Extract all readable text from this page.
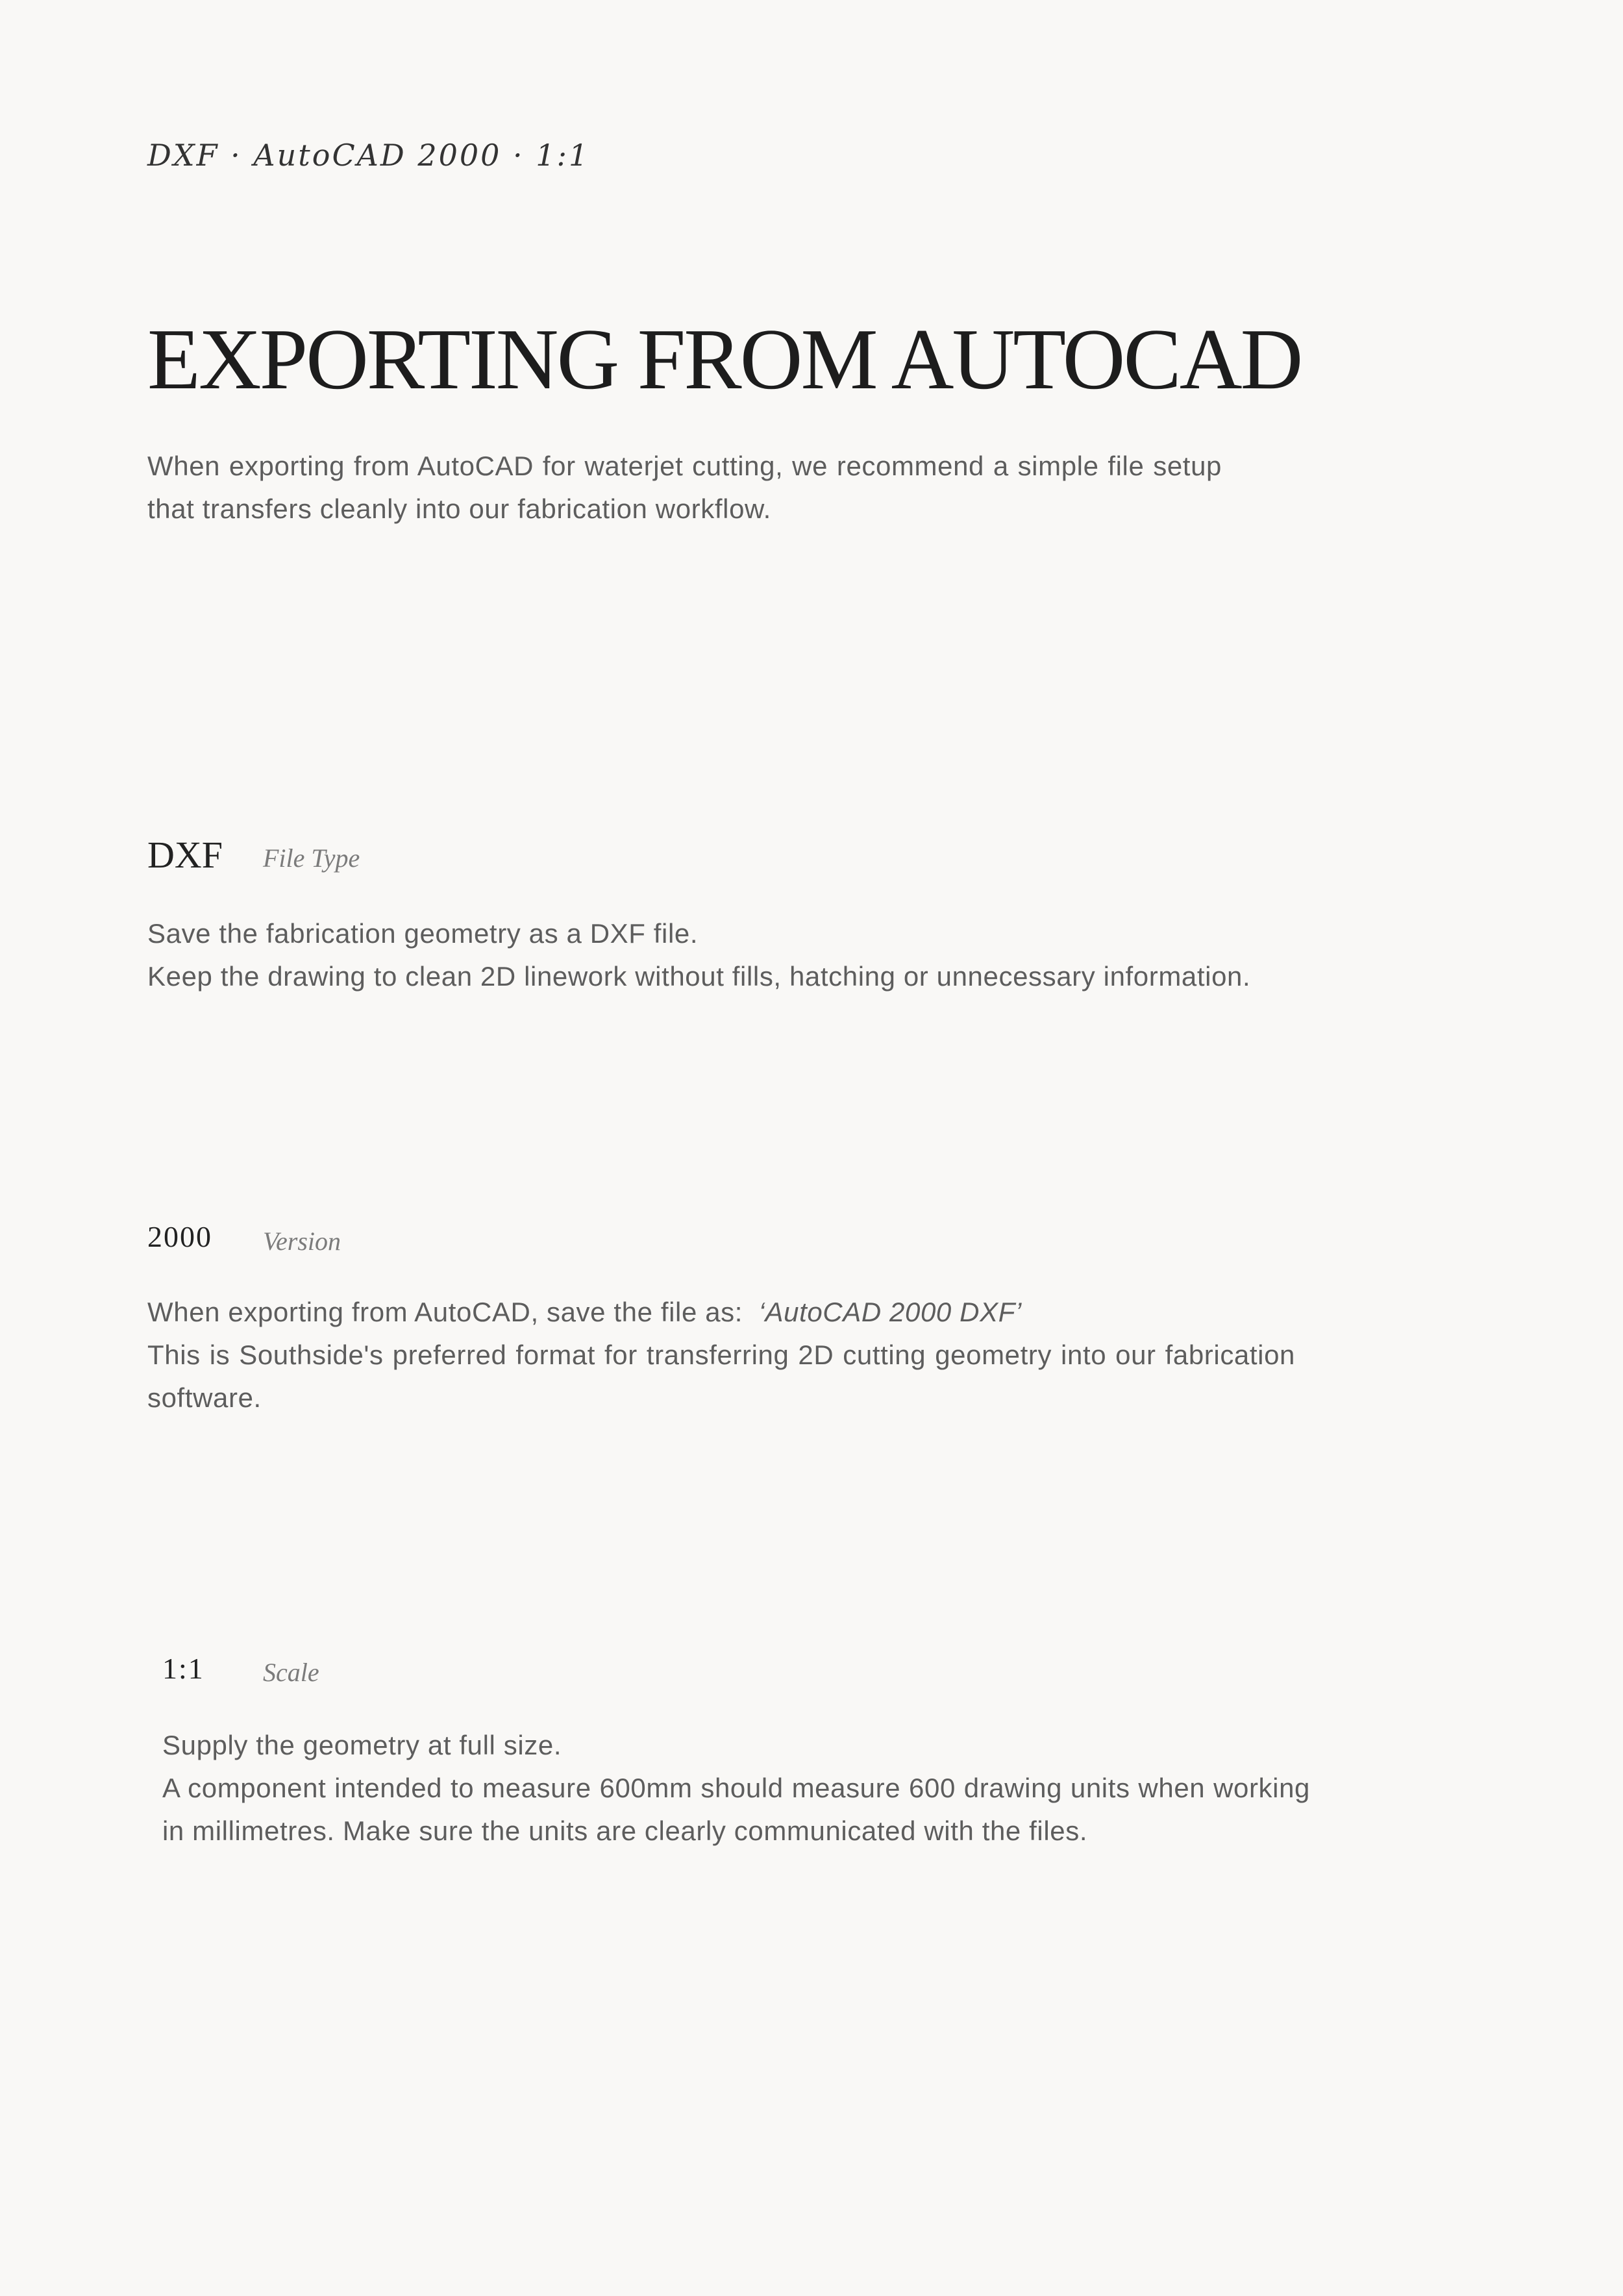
DXF · AutoCAD 2000 · 1:1
EXPORTING FROM AUTOCAD
When exporting from AutoCAD for waterjet cutting, we recommend a simple file setup that transfers cleanly into our fabrication workflow.
DXF File Type

Save the fabrication geometry as a DXF file.

Keep the drawing to clean 2D linework without fills, hatching or unnecessary information.

2000 Version

When exporting from AutoCAD, save the file as: ‘AutoCAD 2000 DXF’

This is Southside's preferred format for transferring 2D cutting geometry into our fabrication software.

1:1 Scale

Supply the geometry at full size.

A component intended to measure 600mm should measure 600 drawing units when working in millimetres. Make sure the units are clearly communicated with the files.
